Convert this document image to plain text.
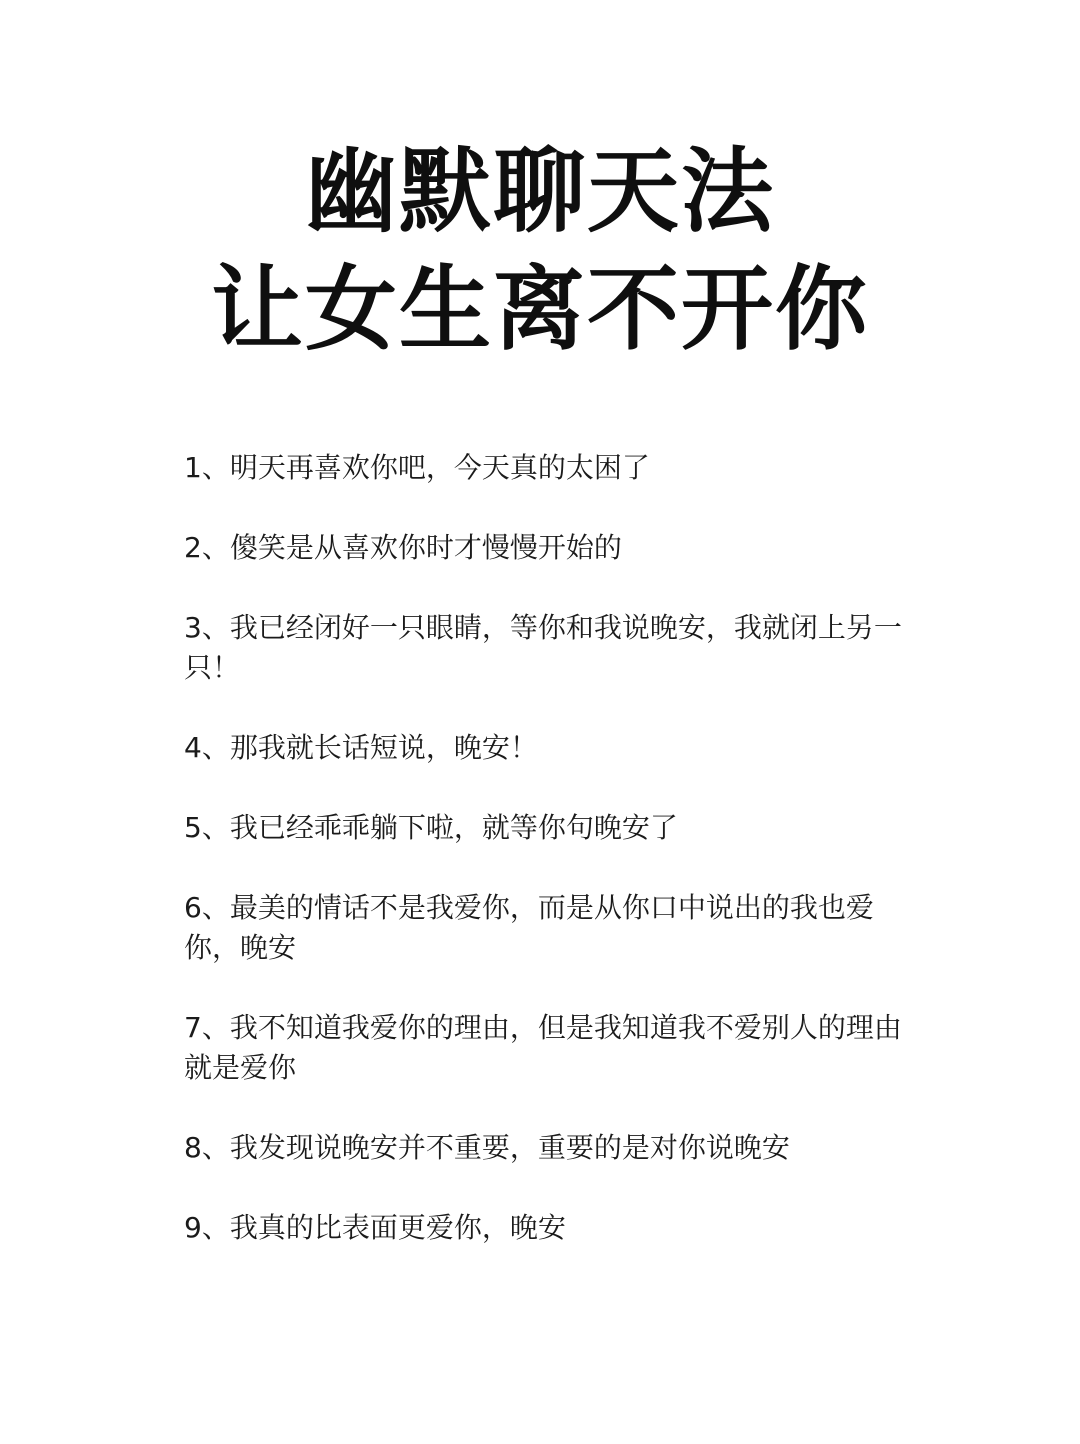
幽默聊天法
让女生离不开你
1、明天再喜欢你吧，今天真的太困了
2、傻笑是从喜欢你时才慢慢开始的
3、我已经闭好一只眼睛，等你和我说晚安，我就闭上另一只！
4、那我就长话短说，晚安！
5、我已经乖乖躺下啦，就等你句晚安了
6、最美的情话不是我爱你，而是从你口中说出的我也爱你，晚安
7、我不知道我爱你的理由，但是我知道我不爱别人的理由就是爱你
8、我发现说晚安并不重要，重要的是对你说晚安
9、我真的比表面更爱你，晚安
